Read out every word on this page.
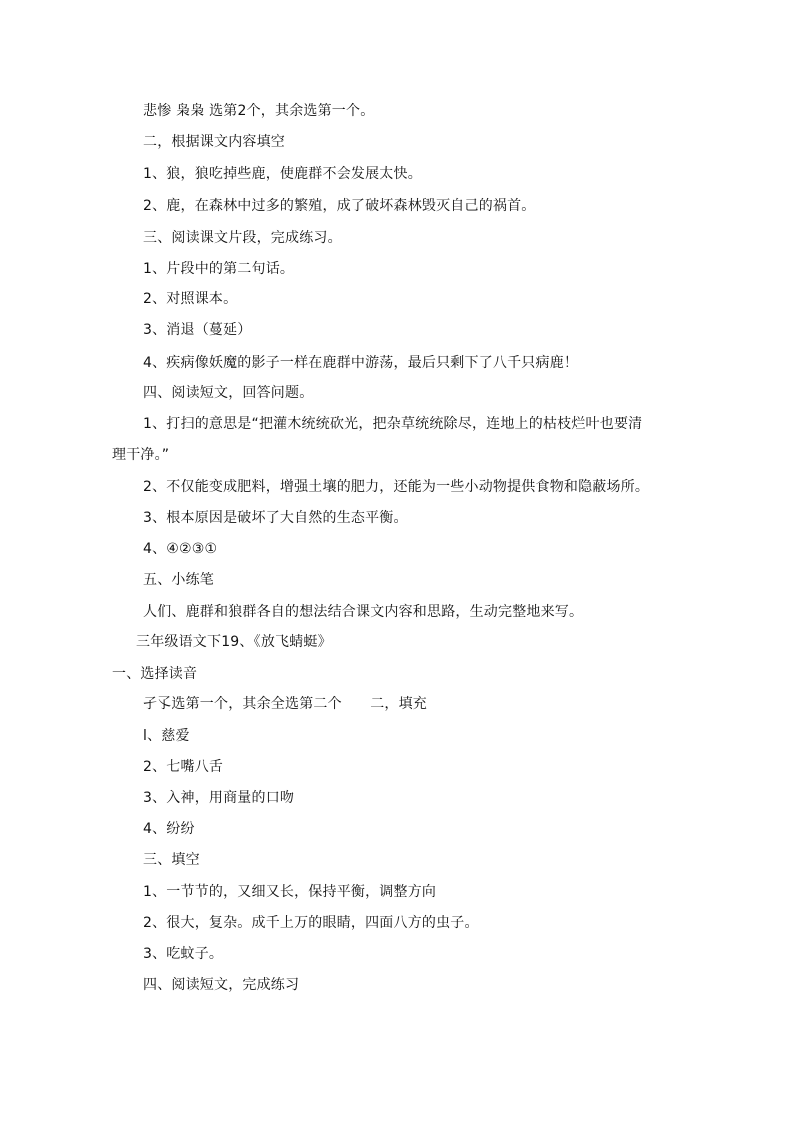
悲惨 枭枭 选第2个，其余选第一个。

二，根据课文内容填空

1、狼，狼吃掉些鹿，使鹿群不会发展太快。

2、鹿，在森林中过多的繁殖，成了破坏森林毁灭自己的祸首。

三、阅读课文片段，完成练习。

1、片段中的第二句话。

2、对照课本。

3、消退（蔓延）

4、疾病像妖魔的影子一样在鹿群中游荡，最后只剩下了八千只病鹿！

四、阅读短文，回答问题。

1、打扫的意思是“把灌木统统砍光，把杂草统统除尽，连地上的枯枝烂叶也要清

理干净。”

2、不仅能变成肥料，增强土壤的肥力，还能为一些小动物提供食物和隐蔽场所。

3、根本原因是破坏了大自然的生态平衡。

4、④②③①

五、小练笔

人们、鹿群和狼群各自的想法结合课文内容和思路，生动完整地来写。

三年级语文下19、《放飞蜻蜓》

一、选择读音

孑孓选第一个，其余全选第二个　　二，填充

l、慈爱

2、七嘴八舌

3、入神，用商量的口吻

4、纷纷

三、填空

1、一节节的，又细又长，保持平衡，调整方向

2、很大，复杂。成千上万的眼睛，四面八方的虫子。

3、吃蚊子。

四、阅读短文，完成练习
